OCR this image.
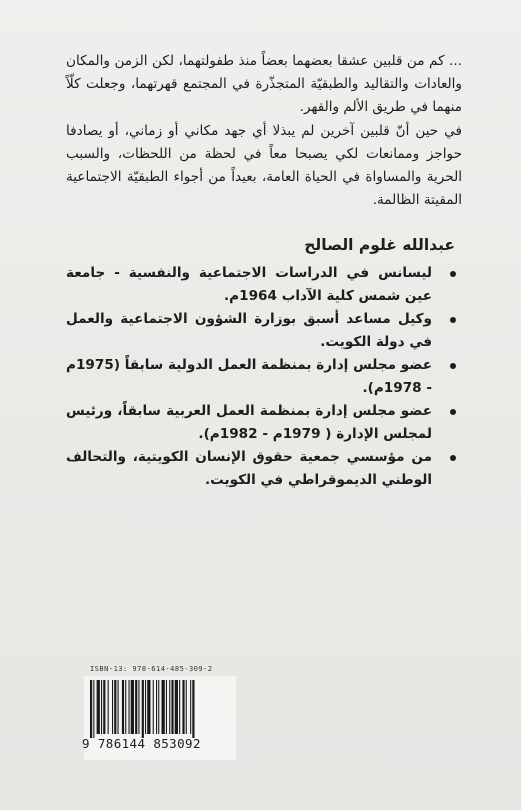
... كم من قلبين عشقا بعضهما بعضاً منذ طفولتهما، لكن الزمن والمكان والعادات والتقاليد والطبقيّة المتجذّرة في المجتمع قهرتهما، وجعلت كلّاً منهما في طريق الألم والقهر.

في حين أنّ قلبين آخرين لم يبذلا أي جهد مكاني أو زماني، أو يصادفا حواجز وممانعات لكي يصبحا معاً في لحظة من اللحظات، والسبب الحرية والمساواة في الحياة العامة، بعيداً من أجواء الطبقيّة الاجتماعية المقيتة الظالمة.

عبدالله غلوم الصالح
ليسانس في الدراسات الاجتماعية والنفسية - جامعة عين شمس كلية الآداب 1964م.
وكيل مساعد أسبق بوزارة الشؤون الاجتماعية والعمل في دولة الكويت.
عضو مجلس إدارة بمنظمة العمل الدولية سابقاً (1975م - 1978م).
عضو مجلس إدارة بمنظمة العمل العربية سابقاً، ورئيس لمجلس الإدارة ( 1979م - 1982م).
من مؤسسي جمعية حقوق الإنسان الكويتية، والتحالف الوطني الديموقراطي في الكويت.
ISBN-13: 978-614-485-309-2
9 786144 853092
